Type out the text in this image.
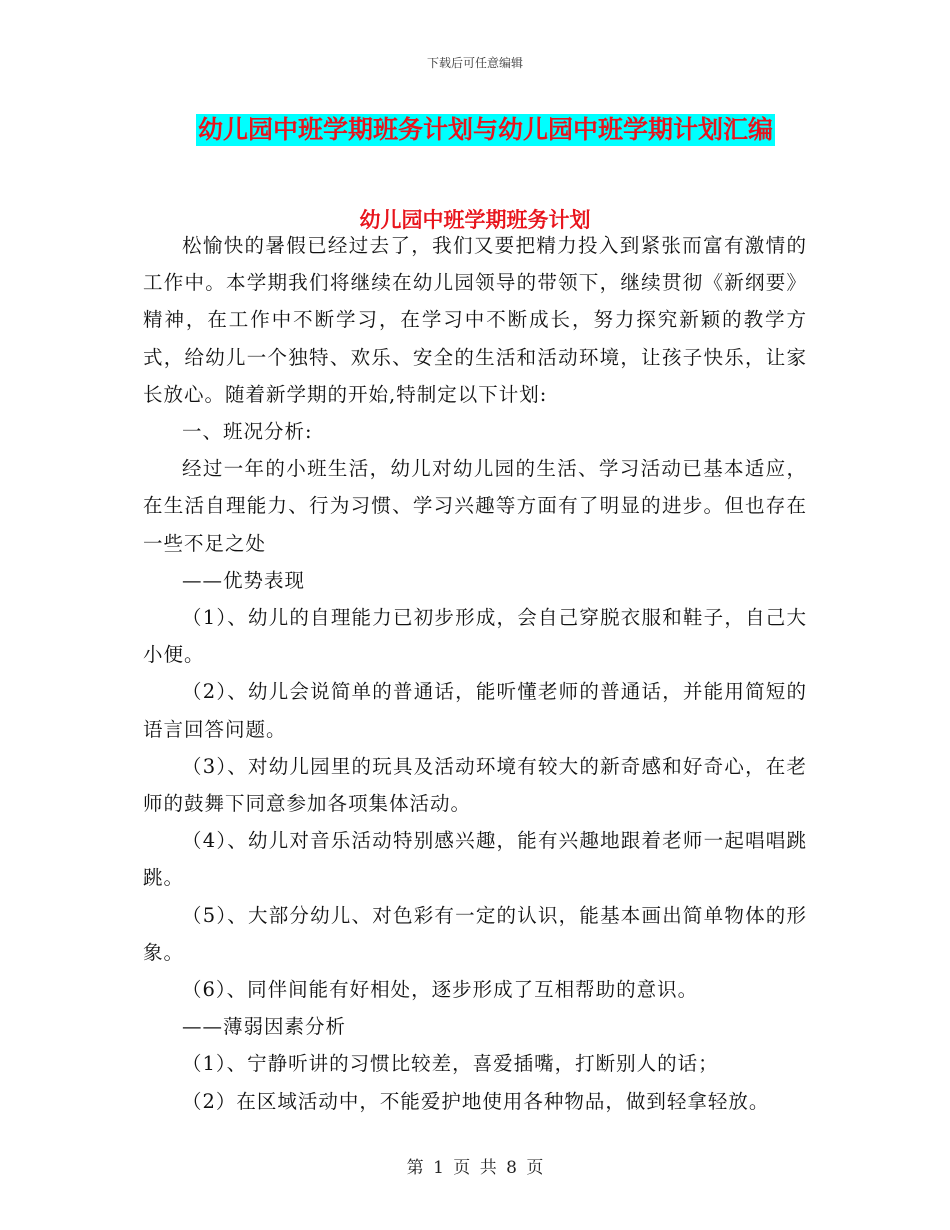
下载后可任意编辑
幼儿园中班学期班务计划与幼儿园中班学期计划汇编
幼儿园中班学期班务计划

松愉快的暑假已经过去了，我们又要把精力投入到紧张而富有激情的工作中。本学期我们将继续在幼儿园领导的带领下，继续贯彻《新纲要》精神，在工作中不断学习，在学习中不断成长，努力探究新颖的教学方式，给幼儿一个独特、欢乐、安全的生活和活动环境，让孩子快乐，让家长放心。随着新学期的开始,特制定以下计划:

一、班况分析:

经过一年的小班生活，幼儿对幼儿园的生活、学习活动已基本适应，在生活自理能力、行为习惯、学习兴趣等方面有了明显的进步。但也存在一些不足之处

——优势表现

（1）、幼儿的自理能力已初步形成，会自己穿脱衣服和鞋子，自己大小便。

（2）、幼儿会说简单的普通话，能听懂老师的普通话，并能用简短的语言回答问题。

（3）、对幼儿园里的玩具及活动环境有较大的新奇感和好奇心，在老师的鼓舞下同意参加各项集体活动。

（4）、幼儿对音乐活动特别感兴趣，能有兴趣地跟着老师一起唱唱跳跳。

（5）、大部分幼儿、对色彩有一定的认识，能基本画出简单物体的形象。

（6）、同伴间能有好相处，逐步形成了互相帮助的意识。

——薄弱因素分析

（1）、宁静听讲的习惯比较差，喜爱插嘴，打断别人的话；

（2）在区域活动中，不能爱护地使用各种物品，做到轻拿轻放。

第 1 页 共 8 页
